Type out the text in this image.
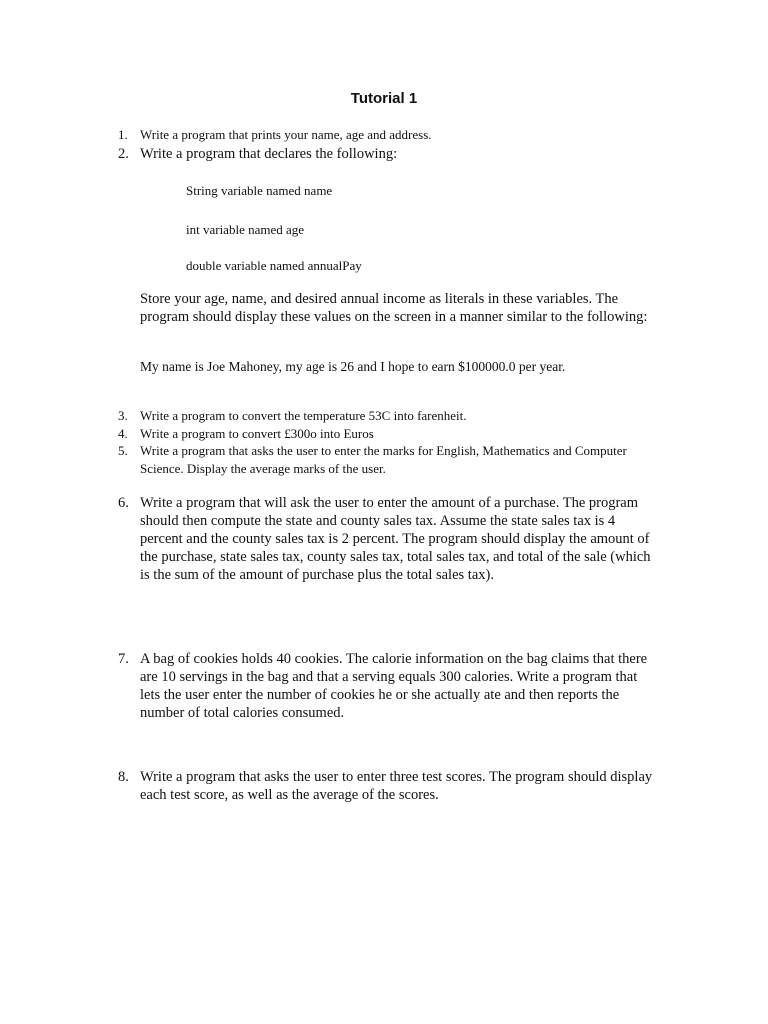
Tutorial 1
1. Write a program that prints your name, age and address.
2. Write a program that declares the following:
String variable named name
int variable named age
double variable named annualPay
Store your age, name, and desired annual income as literals in these variables. The program should display these values on the screen in a manner similar to the following:
My name is Joe Mahoney, my age is 26 and I hope to earn $100000.0 per year.
3. Write a program to convert the temperature 53C into farenheit.
4. Write a program to convert £300o into Euros
5. Write a program that asks the user to enter the marks for English, Mathematics and Computer Science. Display the average marks of the user.
6. Write a program that will ask the user to enter the amount of a purchase. The program should then compute the state and county sales tax. Assume the state sales tax is 4 percent and the county sales tax is 2 percent. The program should display the amount of the purchase, state sales tax, county sales tax, total sales tax, and total of the sale (which is the sum of the amount of purchase plus the total sales tax).
7. A bag of cookies holds 40 cookies. The calorie information on the bag claims that there are 10 servings in the bag and that a serving equals 300 calories. Write a program that lets the user enter the number of cookies he or she actually ate and then reports the number of total calories consumed.
8. Write a program that asks the user to enter three test scores. The program should display each test score, as well as the average of the scores.
